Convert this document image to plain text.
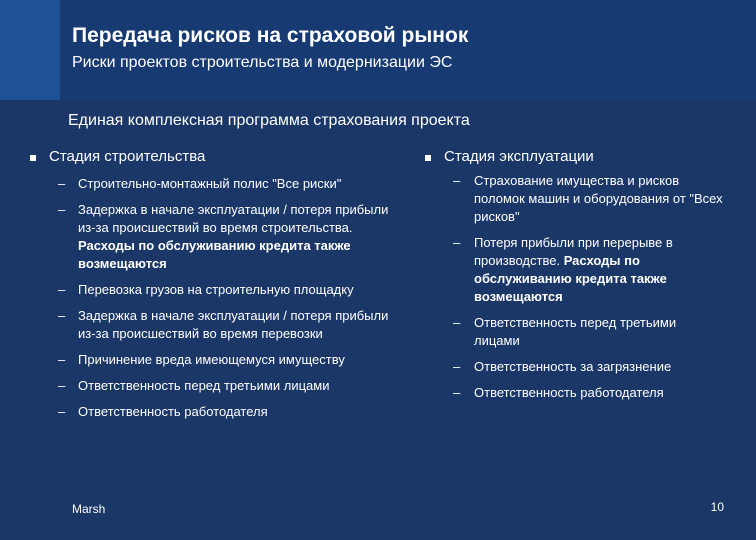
Передача рисков на страховой рынок
Риски проектов строительства и модернизации ЭС
Единая комплексная программа страхования проекта
Стадия строительства
– Строительно-монтажный полис "Все риски"
– Задержка в начале эксплуатации / потеря прибыли из-за происшествий во время строительства. Расходы по обслуживанию кредита также возмещаются
– Перевозка грузов на строительную площадку
– Задержка в начале эксплуатации / потеря прибыли из-за происшествий во время перевозки
– Причинение вреда имеющемуся имуществу
– Ответственность перед третьими лицами
– Ответственность работодателя
Стадия эксплуатации
– Страхование имущества и рисков поломок машин и оборудования от "Всех рисков"
– Потеря прибыли при перерыве в производстве. Расходы по обслуживанию кредита также возмещаются
– Ответственность перед третьими лицами
– Ответственность за загрязнение
– Ответственность работодателя
Marsh	10
